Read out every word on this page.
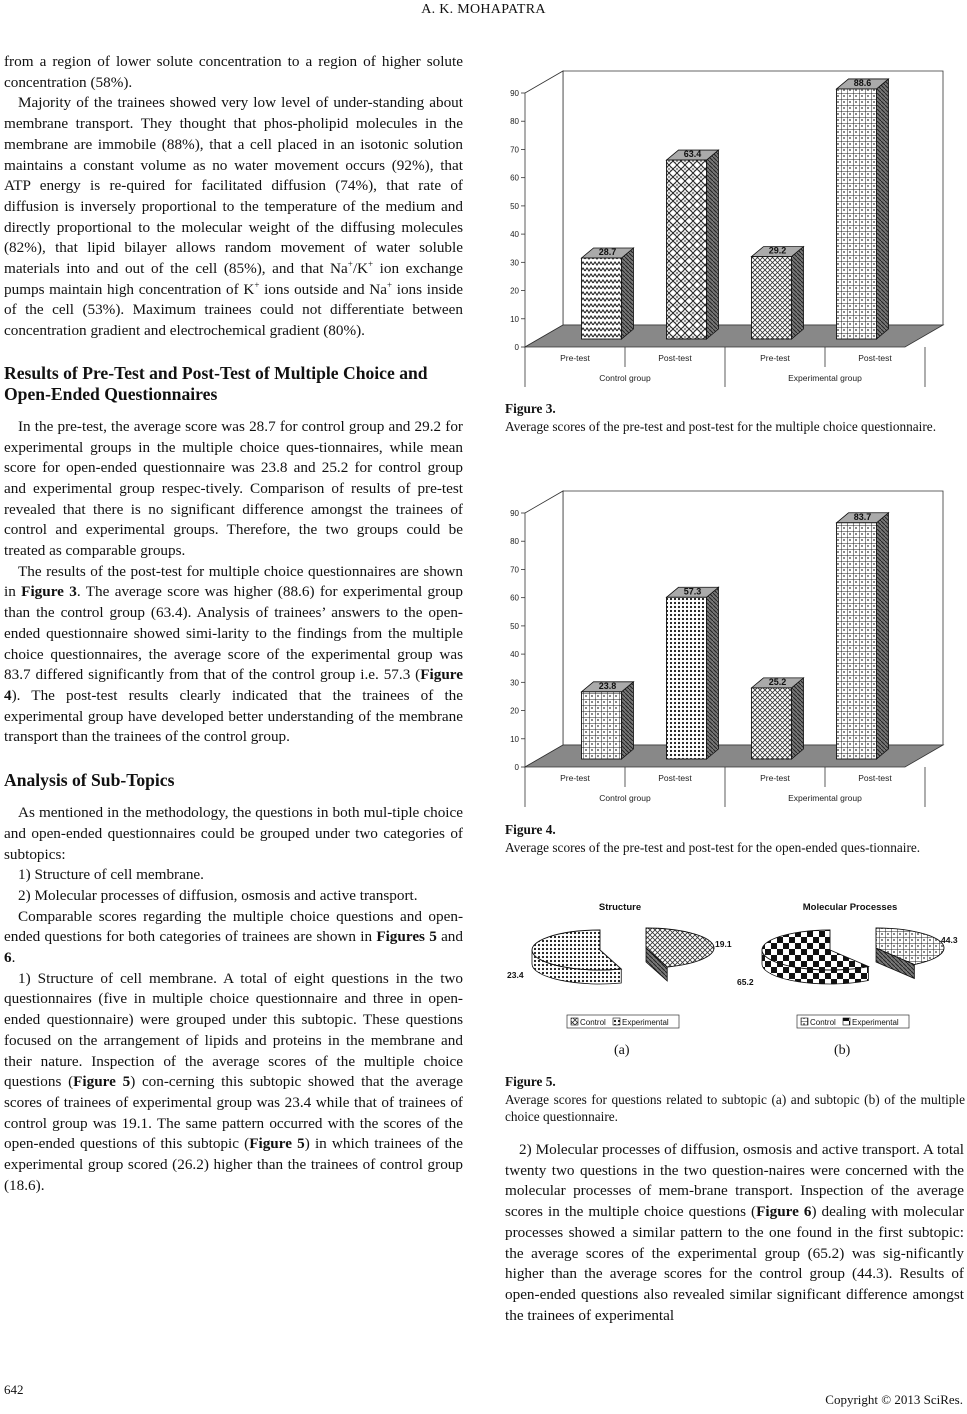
A. K. MOHAPATRA

from a region of lower solute concentration to a region of higher solute concentration (58%).

Majority of the trainees showed very low level of under-standing about membrane transport. They thought that phos-pholipid molecules in the membrane are immobile (88%), that a cell placed in an isotonic solution maintains a constant volume as no water movement occurs (92%), that ATP energy is re-quired for facilitated diffusion (74%), that rate of diffusion is inversely proportional to the temperature of the medium and directly proportional to the molecular weight of the diffusing molecules (82%), that lipid bilayer allows random movement of water soluble materials into and out of the cell (85%), and that Na+/K+ ion exchange pumps maintain high concentration of K+ ions outside and Na+ ions inside of the cell (53%). Maximum trainees could not differentiate between concentration gradient and electrochemical gradient (80%).

Results of Pre-Test and Post-Test of Multiple Choice and Open-Ended Questionnaires

In the pre-test, the average score was 28.7 for control group and 29.2 for experimental groups in the multiple choice ques-tionnaires, while mean score for open-ended questionnaire was 23.8 and 25.2 for control group and experimental group respec-tively. Comparison of results of pre-test revealed that there is no significant difference amongst the trainees of control and experimental groups. Therefore, the two groups could be treated as comparable groups.

The results of the post-test for multiple choice questionnaires are shown in Figure 3. The average score was higher (88.6) for experimental group than the control group (63.4). Analysis of trainees’ answers to the open-ended questionnaire showed simi-larity to the findings from the multiple choice questionnaires, the average score of the experimental group was 83.7 differed significantly from that of the control group i.e. 57.3 (Figure 4). The post-test results clearly indicated that the trainees of the experimental group have developed better understanding of the membrane transport than the trainees of the control group.

Analysis of Sub-Topics

As mentioned in the methodology, the questions in both mul-tiple choice and open-ended questionnaires could be grouped under two categories of subtopics:

1) Structure of cell membrane.

2) Molecular processes of diffusion, osmosis and active transport.

Comparable scores regarding the multiple choice questions and open-ended questions for both categories of trainees are shown in Figures 5 and 6.

1) Structure of cell membrane. A total of eight questions in the two questionnaires (five in multiple choice questionnaire and three in open-ended questionnaire) were grouped under this subtopic. These questions focused on the arrangement of lipids and proteins in the membrane and their nature. Inspection of the average scores of the multiple choice questions (Figure 5) con-cerning this subtopic showed that the average scores of trainees of experimental group was 23.4 while that of trainees of control group was 19.1. The same pattern occurred with the scores of the open-ended questions of this subtopic (Figure 5) in which trainees of the experimental group scored (26.2) higher than the trainees of control group (18.6).

0
10
20
30
40
50
60
70
80
90
28.7
63.4
29.2
88.6
Pre-test	Post-test	Pre-test	Post-test
Control group	Experimental group
Figure 3.
Average scores of the pre-test and post-test for the multiple choice questionnaire.
0
10
20
30
40
50
60
70
80
90
23.8
57.3
25.2
83.7
Pre-test	Post-test	Pre-test	Post-test
Control group	Experimental group
Figure 4.
Average scores of the pre-test and post-test for the open-ended ques-tionnaire.
Structure
19.1
23.4
Control Experimental
Molecular Processes
44.3
65.2
Control Experimental
(a)	(b)
Figure 5.
Average scores for questions related to subtopic (a) and subtopic (b) of the multiple choice questionnaire.

2) Molecular processes of diffusion, osmosis and active transport. A total twenty two questions in the two question-naires were concerned with the molecular processes of mem-brane transport. Inspection of the average scores in the multiple choice questions (Figure 6) dealing with molecular processes showed a similar pattern to the one found in the first subtopic: the average scores of the experimental group (65.2) was sig-nificantly higher than the average scores for the control group (44.3). Results of open-ended questions also revealed similar significant difference amongst the trainees of experimental

642
Copyright © 2013 SciRes.
